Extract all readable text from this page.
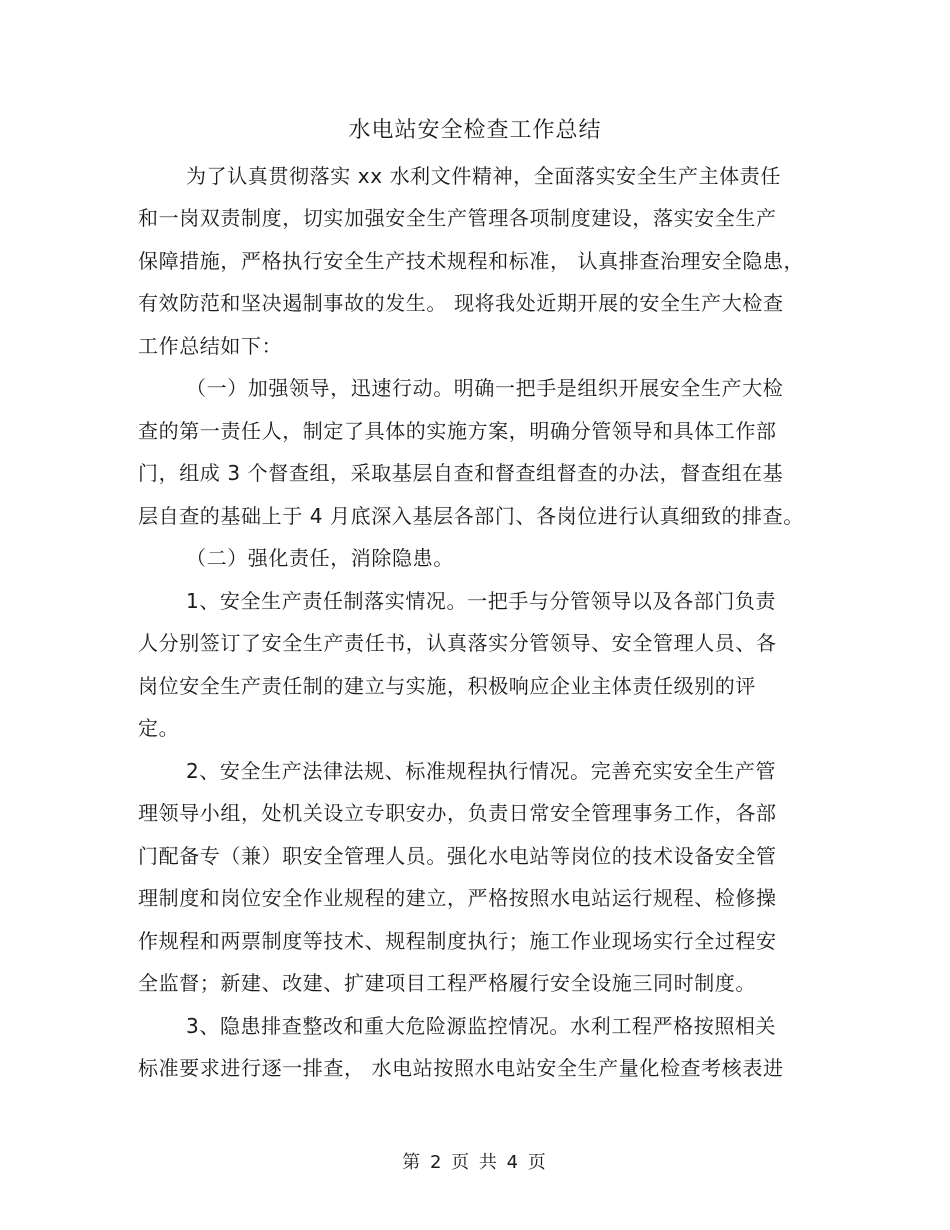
水电站安全检查工作总结
为了认真贯彻落实 xx 水利文件精神，全面落实安全生产主体责任
和一岗双责制度，切实加强安全生产管理各项制度建设，落实安全生产
保障措施，严格执行安全生产技术规程和标准， 认真排查治理安全隐患，
有效防范和坚决遏制事故的发生。 现将我处近期开展的安全生产大检查
工作总结如下：
（一）加强领导，迅速行动。明确一把手是组织开展安全生产大检
查的第一责任人，制定了具体的实施方案，明确分管领导和具体工作部
门，组成 3 个督查组，采取基层自查和督查组督查的办法，督查组在基
层自查的基础上于 4 月底深入基层各部门、各岗位进行认真细致的排查。
（二）强化责任，消除隐患。
1、安全生产责任制落实情况。一把手与分管领导以及各部门负责
人分别签订了安全生产责任书，认真落实分管领导、安全管理人员、各
岗位安全生产责任制的建立与实施，积极响应企业主体责任级别的评
定。
2、安全生产法律法规、标准规程执行情况。完善充实安全生产管
理领导小组，处机关设立专职安办，负责日常安全管理事务工作，各部
门配备专（兼）职安全管理人员。强化水电站等岗位的技术设备安全管
理制度和岗位安全作业规程的建立，严格按照水电站运行规程、检修操
作规程和两票制度等技术、规程制度执行；施工作业现场实行全过程安
全监督；新建、改建、扩建项目工程严格履行安全设施三同时制度。
3、隐患排查整改和重大危险源监控情况。水利工程严格按照相关
标准要求进行逐一排查， 水电站按照水电站安全生产量化检查考核表进
第 2 页 共 4 页
